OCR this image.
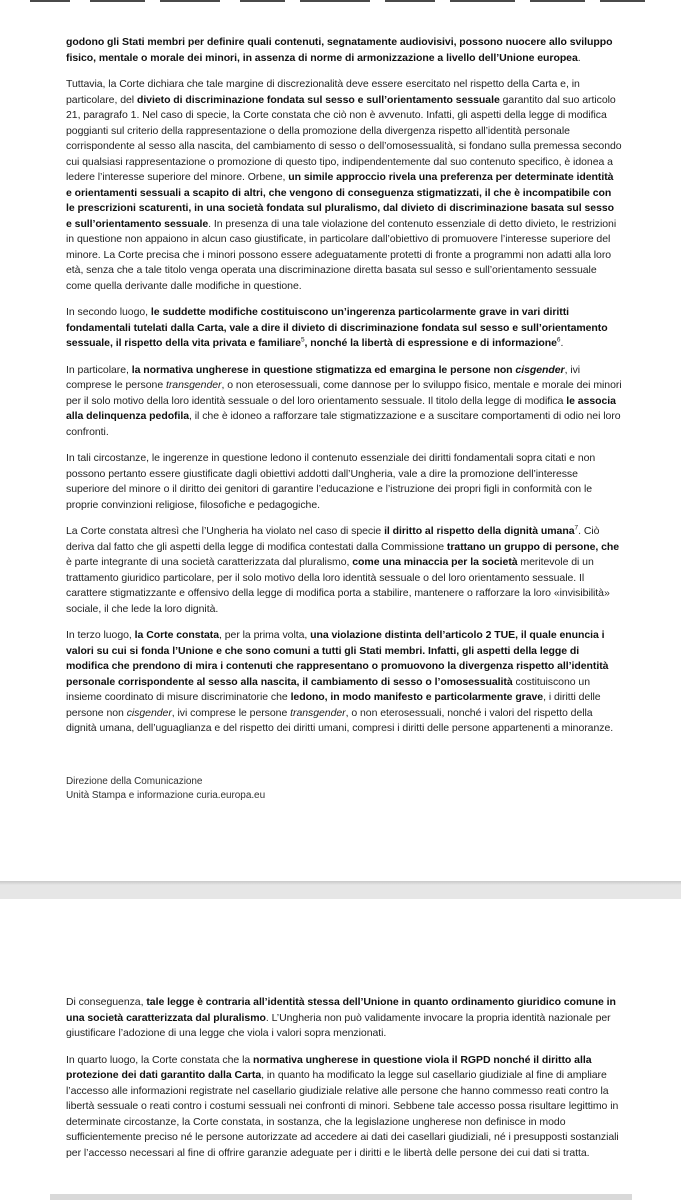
godono gli Stati membri per definire quali contenuti, segnatamente audiovisivi, possono nuocere allo sviluppo fisico, mentale o morale dei minori, in assenza di norme di armonizzazione a livello dell’Unione europea.

Tuttavia, la Corte dichiara che tale margine di discrezionalità deve essere esercitato nel rispetto della Carta e, in particolare, del divieto di discriminazione fondata sul sesso e sull’orientamento sessuale garantito dal suo articolo 21, paragrafo 1. Nel caso di specie, la Corte constata che ciò non è avvenuto. Infatti, gli aspetti della legge di modifica poggianti sul criterio della rappresentazione o della promozione della divergenza rispetto all’identità personale corrispondente al sesso alla nascita, del cambiamento di sesso o dell’omosessualità, si fondano sulla premessa secondo cui qualsiasi rappresentazione o promozione di questo tipo, indipendentemente dal suo contenuto specifico, è idonea a ledere l’interesse superiore del minore. Orbene, un simile approccio rivela una preferenza per determinate identità e orientamenti sessuali a scapito di altri, che vengono di conseguenza stigmatizzati, il che è incompatibile con le prescrizioni scaturenti, in una società fondata sul pluralismo, dal divieto di discriminazione basata sul sesso e sull’orientamento sessuale. In presenza di una tale violazione del contenuto essenziale di detto divieto, le restrizioni in questione non appaiono in alcun caso giustificate, in particolare dall’obiettivo di promuovere l’interesse superiore del minore. La Corte precisa che i minori possono essere adeguatamente protetti di fronte a programmi non adatti alla loro età, senza che a tale titolo venga operata una discriminazione diretta basata sul sesso e sull’orientamento sessuale come quella derivante dalle modifiche in questione.

In secondo luogo, le suddette modifiche costituiscono un’ingerenza particolarmente grave in vari diritti fondamentali tutelati dalla Carta, vale a dire il divieto di discriminazione fondata sul sesso e sull’orientamento sessuale, il rispetto della vita privata e familiare$^5$, nonché la libertà di espressione e di informazione$^6$.

In particolare, la normativa ungherese in questione stigmatizza ed emargina le persone non cisgender, ivi comprese le persone transgender, o non eterosessuali, come dannose per lo sviluppo fisico, mentale e morale dei minori per il solo motivo della loro identità sessuale o del loro orientamento sessuale. Il titolo della legge di modifica le associa alla delinquenza pedofila, il che è idoneo a rafforzare tale stigmatizzazione e a suscitare comportamenti di odio nei loro confronti.

In tali circostanze, le ingerenze in questione ledono il contenuto essenziale dei diritti fondamentali sopra citati e non possono pertanto essere giustificate dagli obiettivi addotti dall’Ungheria, vale a dire la promozione dell’interesse superiore del minore o il diritto dei genitori di garantire l’educazione e l’istruzione dei propri figli in conformità con le proprie convinzioni religiose, filosofiche e pedagogiche.

La Corte constata altresì che l’Ungheria ha violato nel caso di specie il diritto al rispetto della dignità umana$^7$. Ciò deriva dal fatto che gli aspetti della legge di modifica contestati dalla Commissione trattano un gruppo di persone, che è parte integrante di una società caratterizzata dal pluralismo, come una minaccia per la società meritevole di un trattamento giuridico particolare, per il solo motivo della loro identità sessuale o del loro orientamento sessuale. Il carattere stigmatizzante e offensivo della legge di modifica porta a stabilire, mantenere o rafforzare la loro «invisibilità» sociale, il che lede la loro dignità.

In terzo luogo, la Corte constata, per la prima volta, una violazione distinta dell’articolo 2 TUE, il quale enuncia i valori su cui si fonda l’Unione e che sono comuni a tutti gli Stati membri. Infatti, gli aspetti della legge di modifica che prendono di mira i contenuti che rappresentano o promuovono la divergenza rispetto all’identità personale corrispondente al sesso alla nascita, il cambiamento di sesso o l’omosessualità costituiscono un insieme coordinato di misure discriminatorie che ledono, in modo manifesto e particolarmente grave, i diritti delle persone non cisgender, ivi comprese le persone transgender, o non eterosessuali, nonché i valori del rispetto della dignità umana, dell’uguaglianza e del rispetto dei diritti umani, compresi i diritti delle persone appartenenti a minoranze.

Direzione della Comunicazione
Unità Stampa e informazione curia.europa.eu

Di conseguenza, tale legge è contraria all’identità stessa dell’Unione in quanto ordinamento giuridico comune in una società caratterizzata dal pluralismo. L’Ungheria non può validamente invocare la propria identità nazionale per giustificare l’adozione di una legge che viola i valori sopra menzionati.

In quarto luogo, la Corte constata che la normativa ungherese in questione viola il RGPD nonché il diritto alla protezione dei dati garantito dalla Carta, in quanto ha modificato la legge sul casellario giudiziale al fine di ampliare l’accesso alle informazioni registrate nel casellario giudiziale relative alle persone che hanno commesso reati contro la libertà sessuale o reati contro i costumi sessuali nei confronti di minori. Sebbene tale accesso possa risultare legittimo in determinate circostanze, la Corte constata, in sostanza, che la legislazione ungherese non definisce in modo sufficientemente preciso né le persone autorizzate ad accedere ai dati dei casellari giudiziali, né i presupposti sostanziali per l’accesso necessari al fine di offrire garanzie adeguate per i diritti e le libertà delle persone dei cui dati si tratta.
